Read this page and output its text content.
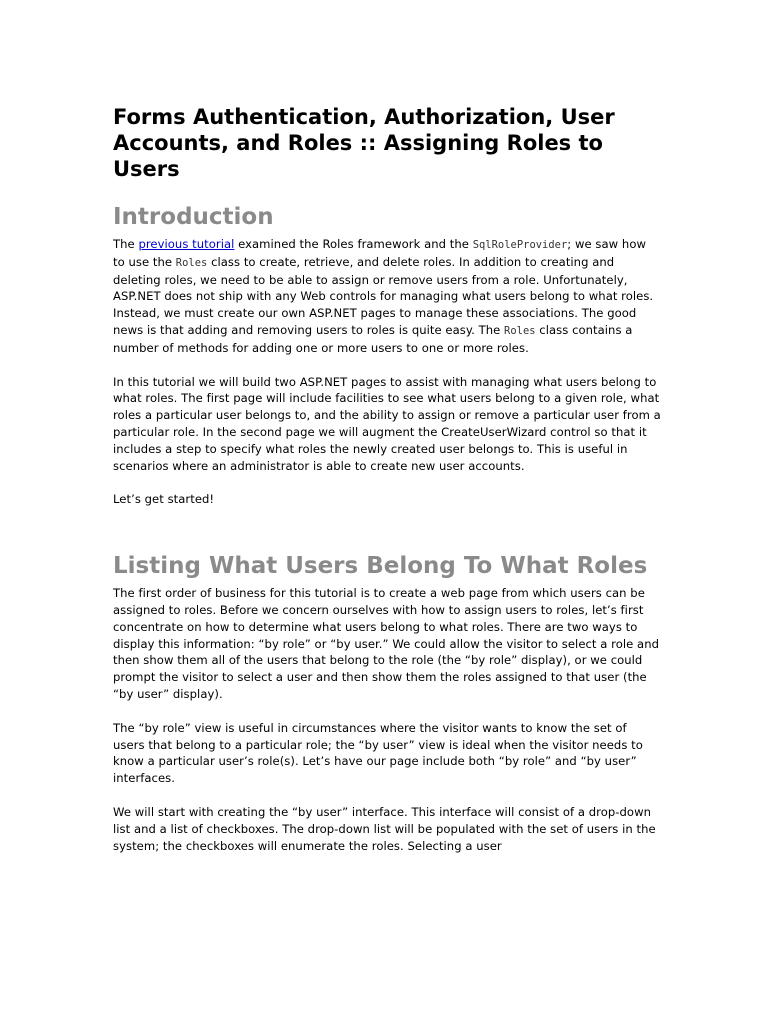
Forms Authentication, Authorization, User Accounts, and Roles :: Assigning Roles to Users
Introduction

The previous tutorial examined the Roles framework and the SqlRoleProvider; we saw how to use the Roles class to create, retrieve, and delete roles. In addition to creating and deleting roles, we need to be able to assign or remove users from a role. Unfortunately, ASP.NET does not ship with any Web controls for managing what users belong to what roles. Instead, we must create our own ASP.NET pages to manage these associations. The good news is that adding and removing users to roles is quite easy. The Roles class contains a number of methods for adding one or more users to one or more roles.

In this tutorial we will build two ASP.NET pages to assist with managing what users belong to what roles. The first page will include facilities to see what users belong to a given role, what roles a particular user belongs to, and the ability to assign or remove a particular user from a particular role. In the second page we will augment the CreateUserWizard control so that it includes a step to specify what roles the newly created user belongs to. This is useful in scenarios where an administrator is able to create new user accounts.

Let’s get started!

Listing What Users Belong To What Roles

The first order of business for this tutorial is to create a web page from which users can be assigned to roles. Before we concern ourselves with how to assign users to roles, let’s first concentrate on how to determine what users belong to what roles. There are two ways to display this information: “by role” or “by user.” We could allow the visitor to select a role and then show them all of the users that belong to the role (the “by role” display), or we could prompt the visitor to select a user and then show them the roles assigned to that user (the “by user” display).

The “by role” view is useful in circumstances where the visitor wants to know the set of users that belong to a particular role; the “by user” view is ideal when the visitor needs to know a particular user’s role(s). Let’s have our page include both “by role” and “by user” interfaces.

We will start with creating the “by user” interface. This interface will consist of a drop-down list and a list of checkboxes. The drop-down list will be populated with the set of users in the system; the checkboxes will enumerate the roles. Selecting a user
